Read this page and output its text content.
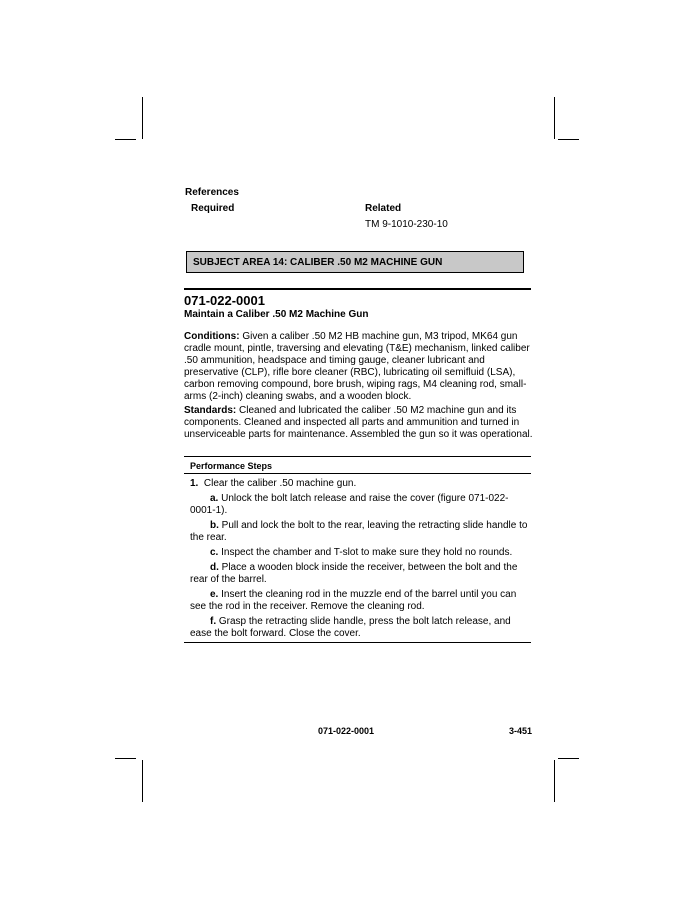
References
Required	Related
TM 9-1010-230-10
SUBJECT AREA 14: CALIBER .50 M2 MACHINE GUN
071-022-0001
Maintain a Caliber .50 M2 Machine Gun

Conditions: Given a caliber .50 M2 HB machine gun, M3 tripod, MK64 gun cradle mount, pintle, traversing and elevating (T&E) mechanism, linked caliber .50 ammunition, headspace and timing gauge, cleaner lubricant and preservative (CLP), rifle bore cleaner (RBC), lubricating oil semifluid (LSA), carbon removing compound, bore brush, wiping rags, M4 cleaning rod, small-arms (2-inch) cleaning swabs, and a wooden block.

Standards: Cleaned and lubricated the caliber .50 M2 machine gun and its components. Cleaned and inspected all parts and ammunition and turned in unserviceable parts for maintenance. Assembled the gun so it was operational.

Performance Steps

1. Clear the caliber .50 machine gun.

a. Unlock the bolt latch release and raise the cover (figure 071-022-0001-1).

b. Pull and lock the bolt to the rear, leaving the retracting slide handle to the rear.

c. Inspect the chamber and T-slot to make sure they hold no rounds.

d. Place a wooden block inside the receiver, between the bolt and the rear of the barrel.

e. Insert the cleaning rod in the muzzle end of the barrel until you can see the rod in the receiver. Remove the cleaning rod.

f. Grasp the retracting slide handle, press the bolt latch release, and ease the bolt forward. Close the cover.

071-022-0001	3-451
